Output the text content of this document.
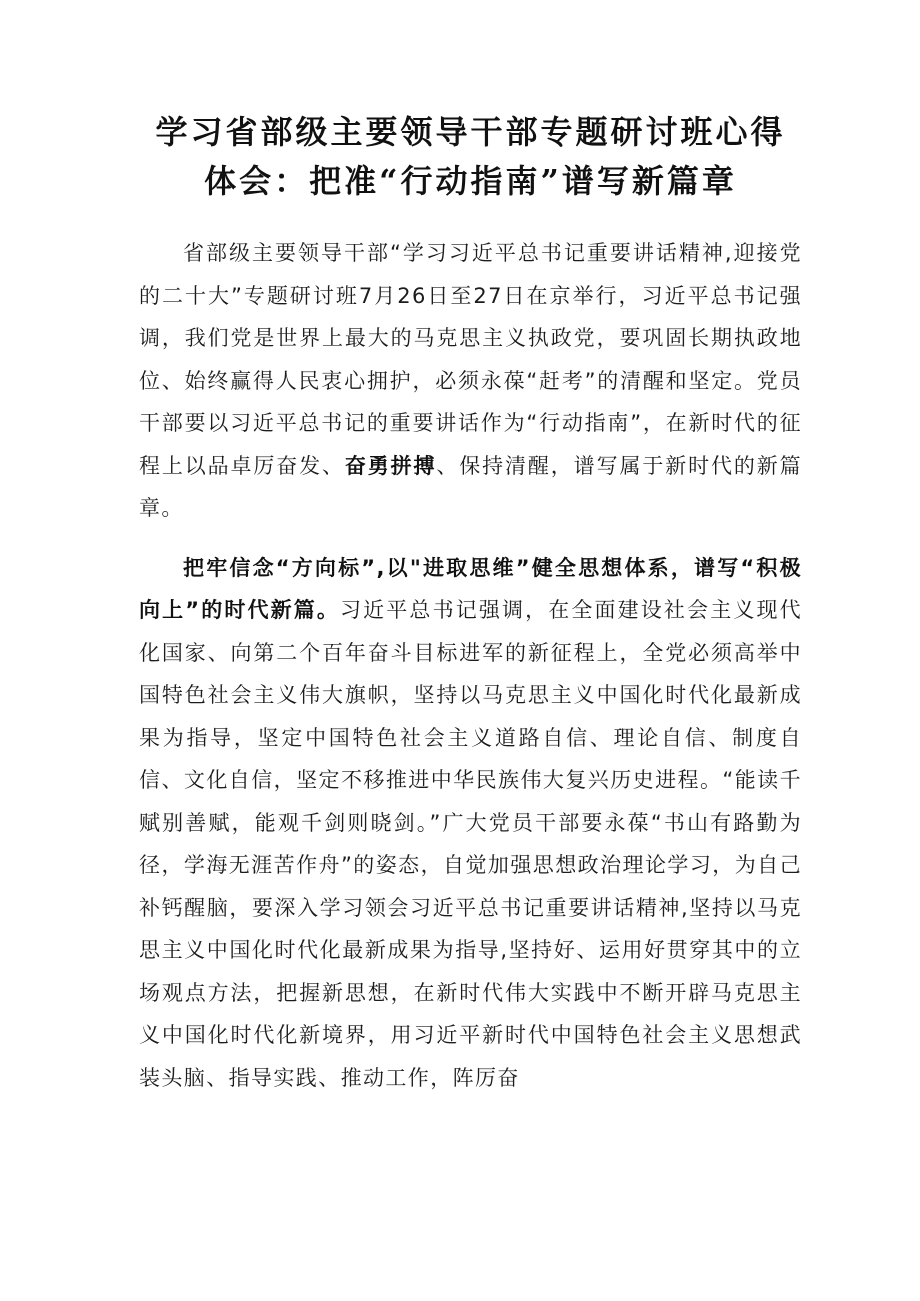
学习省部级主要领导干部专题研讨班心得
体会：把准“行动指南”谱写新篇章

省部级主要领导干部“学习习近平总书记重要讲话精神,迎接党的二十大”专题研讨班7月26日至27日在京举行，习近平总书记强调，我们党是世界上最大的马克思主义执政党，要巩固长期执政地位、始终赢得人民衷心拥护，必须永葆“赶考”的清醒和坚定。党员干部要以习近平总书记的重要讲话作为“行动指南”，在新时代的征程上以品卓厉奋发、奋勇拼搏、保持清醒，谱写属于新时代的新篇章。

把牢信念“方向标”,以"进取思维”健全思想体系，谱写“积极向上”的时代新篇。习近平总书记强调，在全面建设社会主义现代化国家、向第二个百年奋斗目标进军的新征程上，全党必须高举中国特色社会主义伟大旗帜，坚持以马克思主义中国化时代化最新成果为指导，坚定中国特色社会主义道路自信、理论自信、制度自信、文化自信，坚定不移推进中华民族伟大复兴历史进程。“能读千赋别善赋，能观千剑则晓剑。”广大党员干部要永葆“书山有路勤为径，学海无涯苦作舟”的姿态，自觉加强思想政治理论学习，为自己补钙醒脑，要深入学习领会习近平总书记重要讲话精神,坚持以马克思主义中国化时代化最新成果为指导,坚持好、运用好贯穿其中的立场观点方法，把握新思想，在新时代伟大实践中不断开辟马克思主义中国化时代化新境界，用习近平新时代中国特色社会主义思想武装头脑、指导实践、推动工作，阵厉奋
